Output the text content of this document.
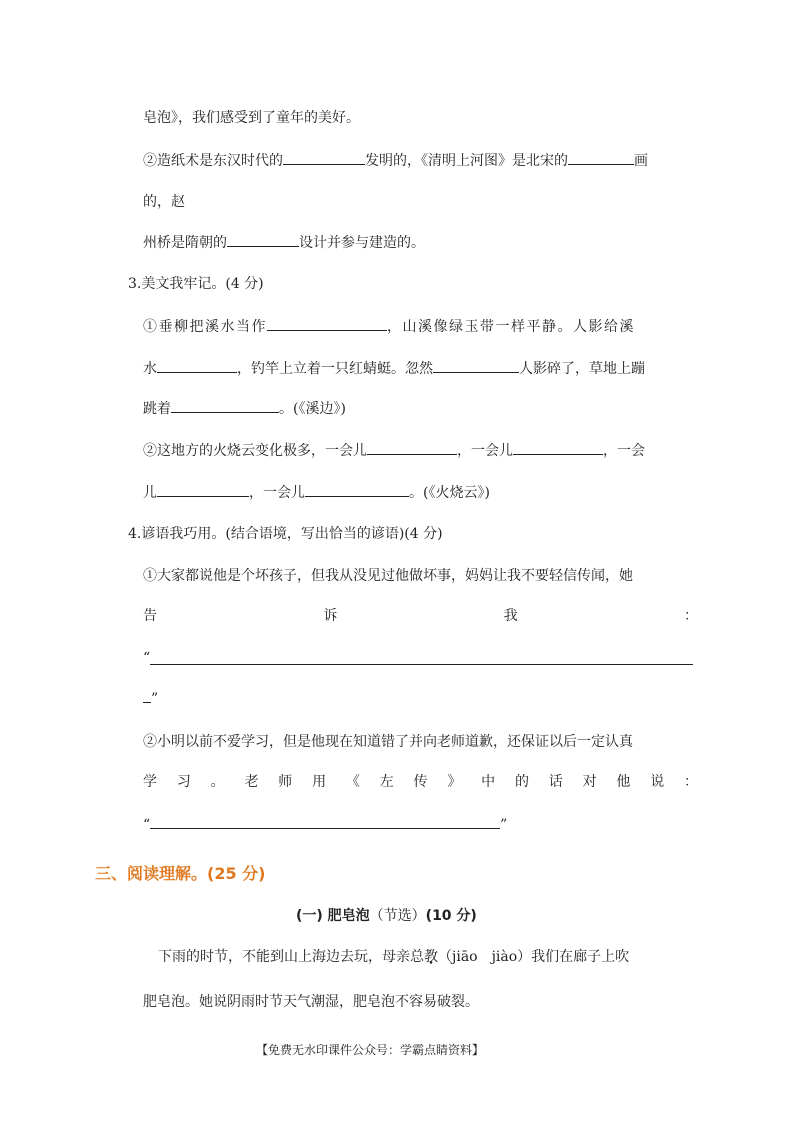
皂泡》，我们感受到了童年的美好。
②造纸术是东汉时代的	发明的，《清明上河图》是北宋的	画
的，赵
州桥是隋朝的	设计并参与建造的。
3.美文我牢记。(4 分)
①垂柳把溪水当作	，山溪像绿玉带一样平静。人影给溪
水	，钓竿上立着一只红蜻蜓。忽然	人影碎了，草地上蹦
跳着	。(《溪边》)
②这地方的火烧云变化极多，一会儿	，一会儿	，一会
儿	，一会儿	。(《火烧云》)
4.谚语我巧用。(结合语境，写出恰当的谚语)(4 分)
①大家都说他是个坏孩子，但我从没见过他做坏事，妈妈让我不要轻信传闻，她
告	诉	我	：
“
”
②小明以前不爱学习，但是他现在知道错了并向老师道歉，还保证以后一定认真
学 习 。 老 师 用 《 左 传 》 中 的 话 对 他 说 ：
“	”
三、阅读理解。(25 分)
(一) 肥皂泡（节选）(10 分)
下雨的时节，不能到山上海边去玩，母亲总教（jiāo　jiào）我们在廊子上吹
肥皂泡。她说阴雨时节天气潮湿，肥皂泡不容易破裂。
【免费无水印课件公众号：学霸点睛资料】
